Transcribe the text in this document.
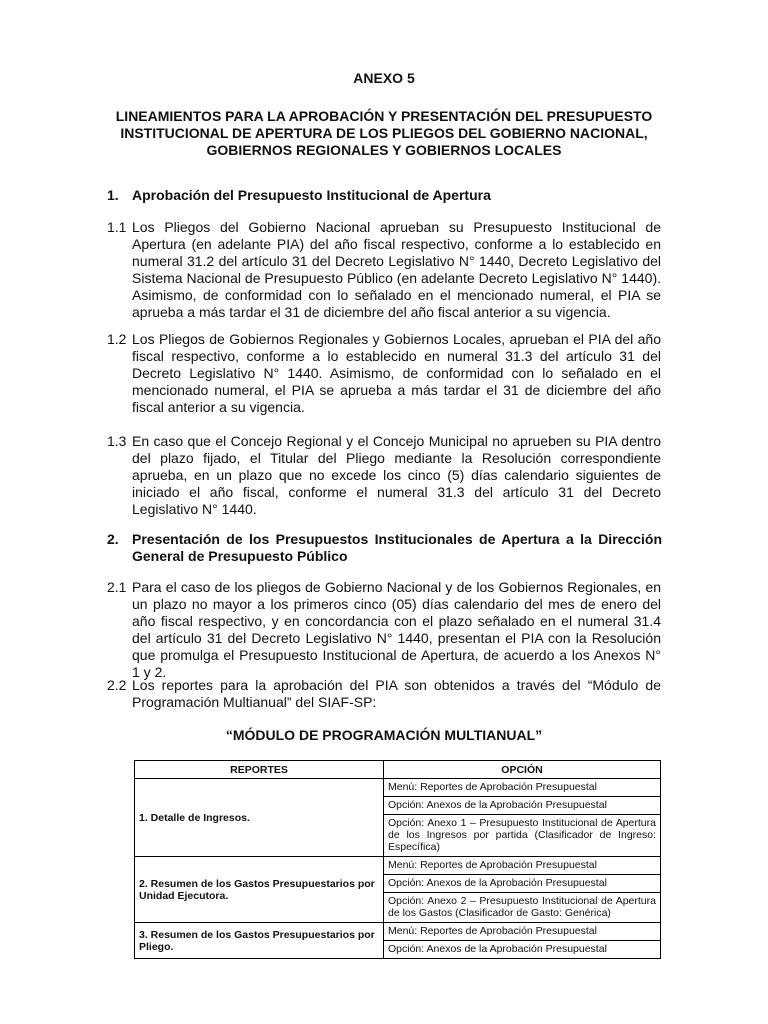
ANEXO 5
LINEAMIENTOS PARA LA APROBACIÓN Y PRESENTACIÓN DEL PRESUPUESTO INSTITUCIONAL DE APERTURA DE LOS PLIEGOS DEL GOBIERNO NACIONAL, GOBIERNOS REGIONALES Y GOBIERNOS LOCALES
1. Aprobación del Presupuesto Institucional de Apertura
1.1 Los Pliegos del Gobierno Nacional aprueban su Presupuesto Institucional de Apertura (en adelante PIA) del año fiscal respectivo, conforme a lo establecido en numeral 31.2 del artículo 31 del Decreto Legislativo N° 1440, Decreto Legislativo del Sistema Nacional de Presupuesto Público (en adelante Decreto Legislativo N° 1440). Asimismo, de conformidad con lo señalado en el mencionado numeral, el PIA se aprueba a más tardar el 31 de diciembre del año fiscal anterior a su vigencia.
1.2 Los Pliegos de Gobiernos Regionales y Gobiernos Locales, aprueban el PIA del año fiscal respectivo, conforme a lo establecido en numeral 31.3 del artículo 31 del Decreto Legislativo N° 1440. Asimismo, de conformidad con lo señalado en el mencionado numeral, el PIA se aprueba a más tardar el 31 de diciembre del año fiscal anterior a su vigencia.
1.3 En caso que el Concejo Regional y el Concejo Municipal no aprueben su PIA dentro del plazo fijado, el Titular del Pliego mediante la Resolución correspondiente aprueba, en un plazo que no excede los cinco (5) días calendario siguientes de iniciado el año fiscal, conforme el numeral 31.3 del artículo 31 del Decreto Legislativo N° 1440.
2. Presentación de los Presupuestos Institucionales de Apertura a la Dirección General de Presupuesto Público
2.1 Para el caso de los pliegos de Gobierno Nacional y de los Gobiernos Regionales, en un plazo no mayor a los primeros cinco (05) días calendario del mes de enero del año fiscal respectivo, y en concordancia con el plazo señalado en el numeral 31.4 del artículo 31 del Decreto Legislativo N° 1440, presentan el PIA con la Resolución que promulga el Presupuesto Institucional de Apertura, de acuerdo a los Anexos N° 1 y 2.
2.2 Los reportes para la aprobación del PIA son obtenidos a través del “Módulo de Programación Multianual” del SIAF-SP:
“MÓDULO DE PROGRAMACIÓN MULTIANUAL”
REPORTES	OPCIÓN
1. Detalle de Ingresos.	Menú: Reportes de Aprobación Presupuestal
Opción: Anexos de la Aprobación Presupuestal
Opción: Anexo 1 – Presupuesto Institucional de Apertura de los Ingresos por partida (Clasificador de Ingreso: Específica)

2. Resumen de los Gastos Presupuestarios por Unidad Ejecutora.	Menú: Reportes de Aprobación Presupuestal
Opción: Anexos de la Aprobación Presupuestal
Opción: Anexo 2 – Presupuesto Institucional de Apertura de los Gastos (Clasificador de Gasto: Genérica)

3. Resumen de los Gastos Presupuestarios por Pliego.	Menú: Reportes de Aprobación Presupuestal
Opción: Anexos de la Aprobación Presupuestal
